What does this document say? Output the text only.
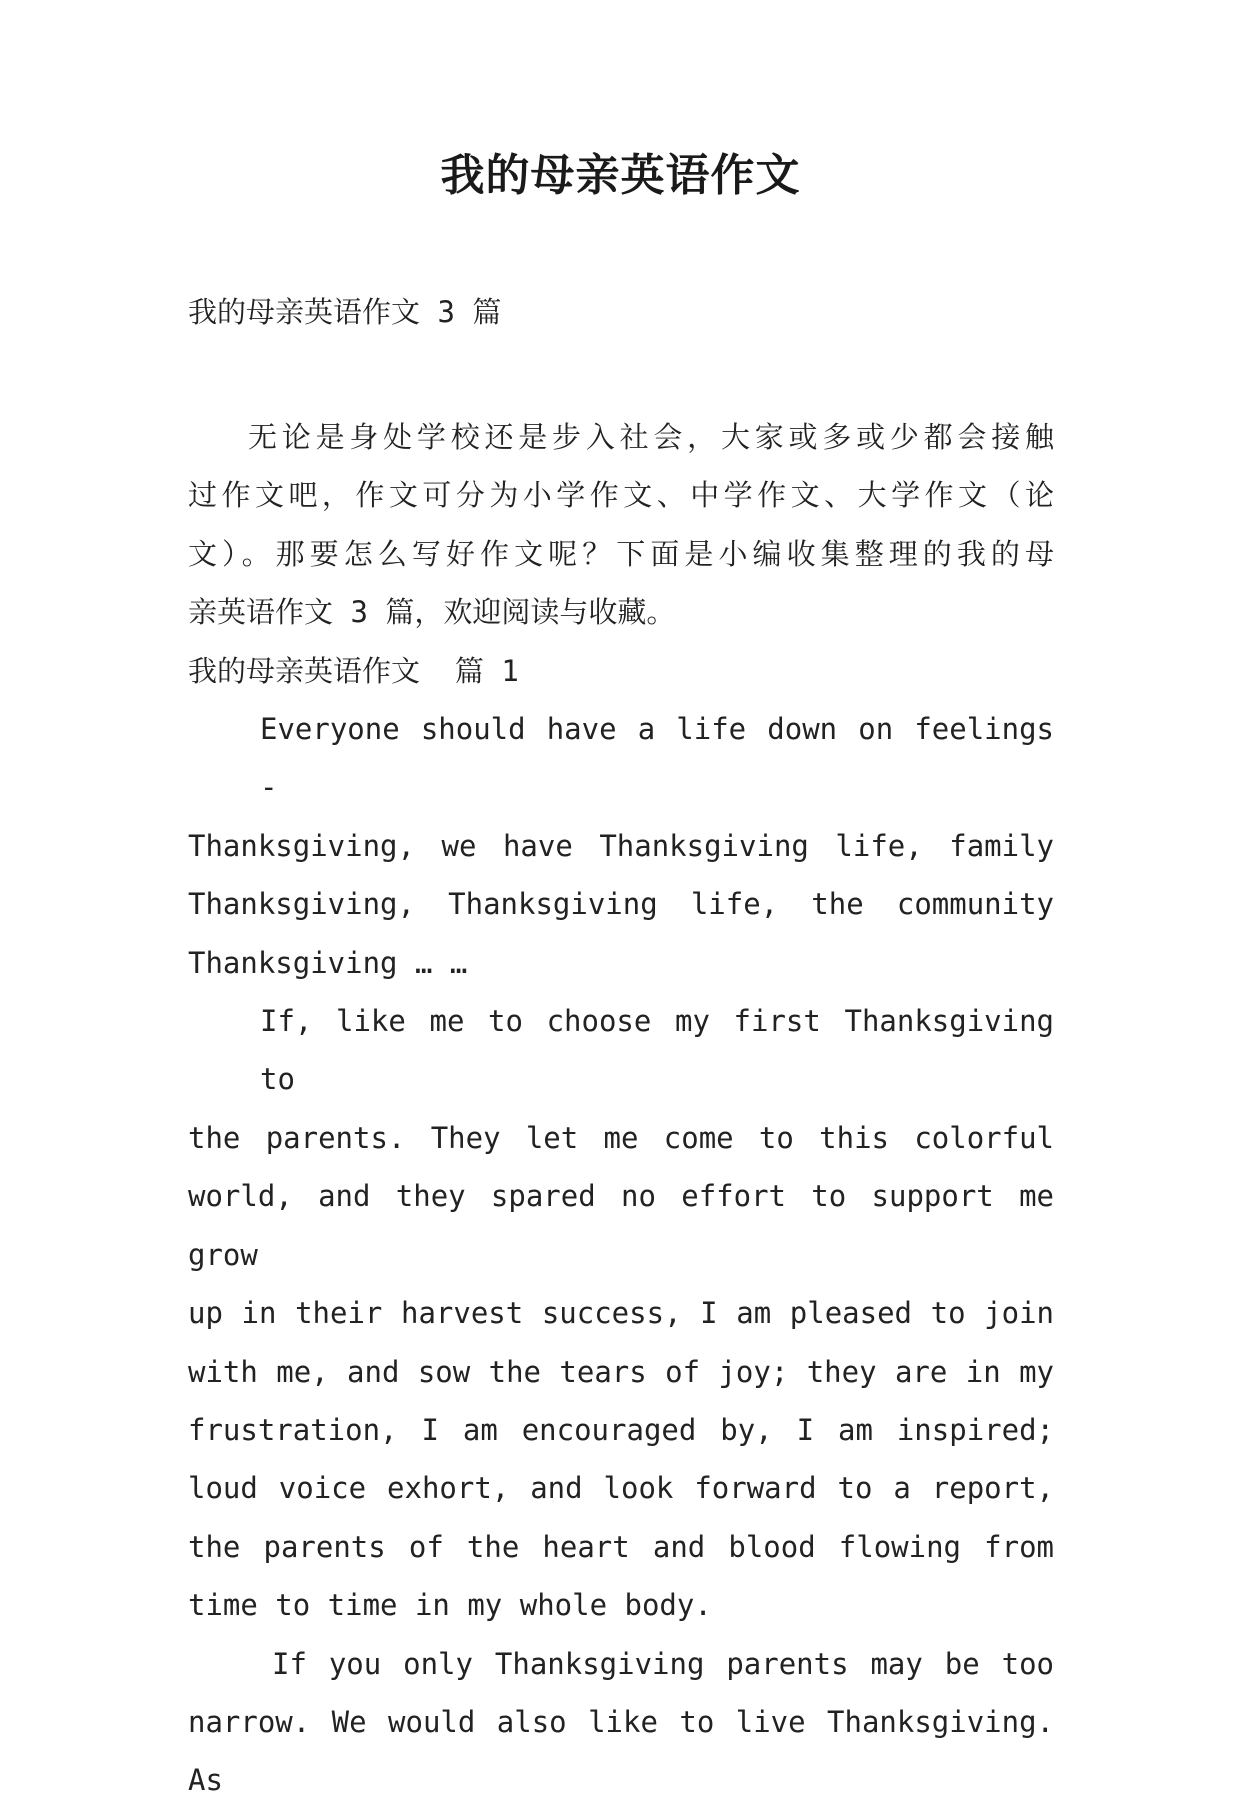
我的母亲英语作文
我的母亲英语作文 3 篇

无论是身处学校还是步入社会，大家或多或少都会接触

过作文吧，作文可分为小学作文、中学作文、大学作文（论
文）。那要怎么写好作文呢？下面是小编收集整理的我的母
亲英语作文 3 篇，欢迎阅读与收藏。

我的母亲英语作文  篇 1

Everyone should have a life down on feelings -

Thanksgiving, we have Thanksgiving life, family
Thanksgiving, Thanksgiving life, the community
Thanksgiving … …

If, like me to choose my first Thanksgiving to

the parents. They let me come to this colorful
world, and they spared no effort to support me grow
up in their harvest success, I am pleased to join
with me, and sow the tears of joy; they are in my
frustration, I am encouraged by, I am inspired;
loud voice exhort, and look forward to a report,
the parents of the heart and blood flowing from
time to time in my whole body.

If you only Thanksgiving parents may be too

narrow. We would also like to live Thanksgiving. As
